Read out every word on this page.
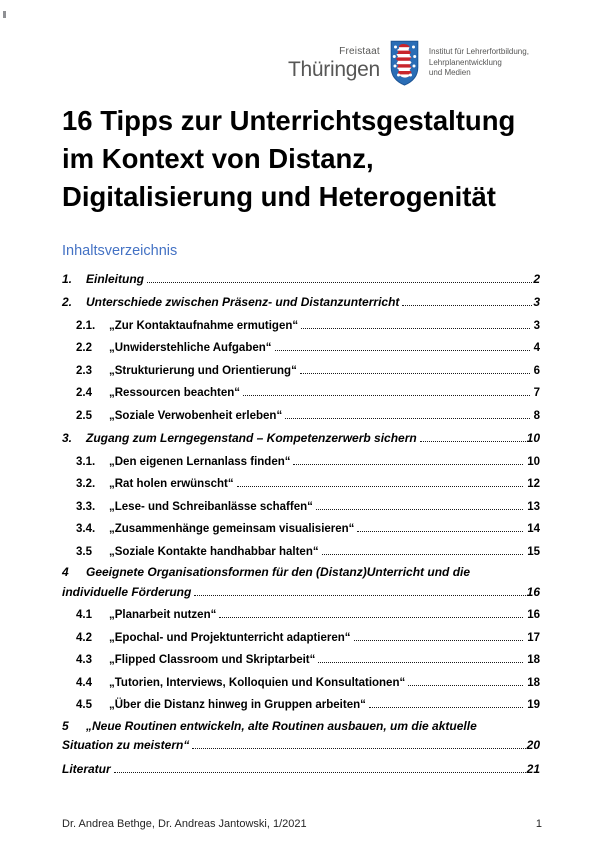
Freistaat
Thüringen
Institut für Lehrerfortbildung,
Lehrplanentwicklung
und Medien
16 Tipps zur Unterrichtsgestaltung
im Kontext von Distanz,
Digitalisierung und Heterogenität
Inhaltsverzeichnis
1.	Einleitung	2
2.	Unterschiede zwischen Präsenz- und Distanzunterricht	3
2.1.	„Zur Kontaktaufnahme ermutigen“	3
2.2	„Unwiderstehliche Aufgaben“	4
2.3	„Strukturierung und Orientierung“	6
2.4	„Ressourcen beachten“	7
2.5	„Soziale Verwobenheit erleben“	8
3.	Zugang zum Lerngegenstand – Kompetenzerwerb sichern	10
3.1.	„Den eigenen Lernanlass finden“	10
3.2.	„Rat holen erwünscht“	12
3.3.	„Lese- und Schreibanlässe schaffen“	13
3.4.	„Zusammenhänge gemeinsam visualisieren“	14
3.5	„Soziale Kontakte handhabbar halten“	15
4	Geeignete Organisationsformen für den (Distanz)Unterricht und die
individuelle Förderung	16
4.1	„Planarbeit nutzen“	16
4.2	„Epochal- und Projektunterricht adaptieren“	17
4.3	„Flipped Classroom und Skriptarbeit“	18
4.4	„Tutorien, Interviews, Kolloquien und Konsultationen“	18
4.5	„Über die Distanz hinweg in Gruppen arbeiten“	19
5	„Neue Routinen entwickeln, alte Routinen ausbauen, um die aktuelle
Situation zu meistern“	20
Literatur	21
Dr. Andrea Bethge, Dr. Andreas Jantowski, 1/2021	1
